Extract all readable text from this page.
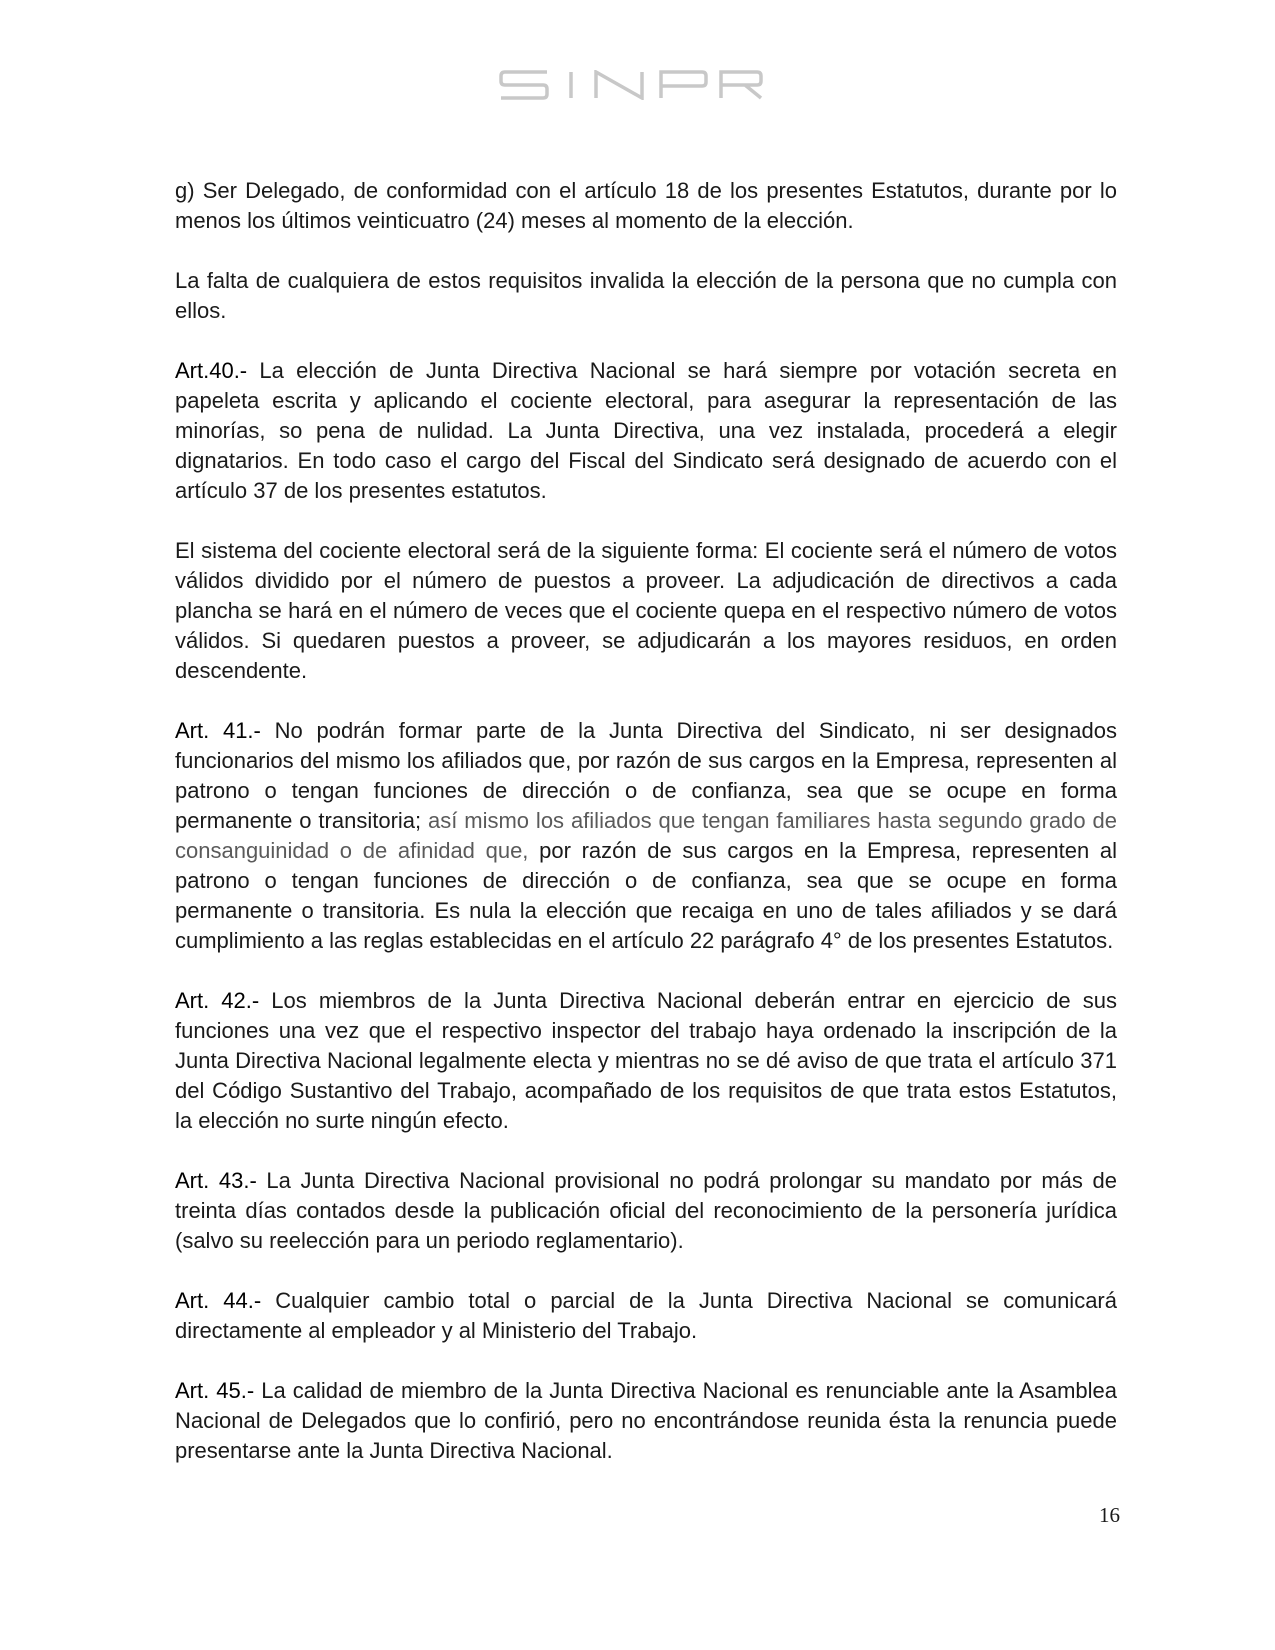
g) Ser Delegado, de conformidad con el artículo 18 de los presentes Estatutos, durante por lo menos los últimos veinticuatro (24) meses al momento de la elección.

La falta de cualquiera de estos requisitos invalida la elección de la persona que no cumpla con ellos.

Art.40.- La elección de Junta Directiva Nacional se hará siempre por votación secreta en papeleta escrita y aplicando el cociente electoral, para asegurar la representación de las minorías, so pena de nulidad. La Junta Directiva, una vez instalada, procederá a elegir dignatarios. En todo caso el cargo del Fiscal del Sindicato será designado de acuerdo con el artículo 37 de los presentes estatutos.

El sistema del cociente electoral será de la siguiente forma: El cociente será el número de votos válidos dividido por el número de puestos a proveer. La adjudicación de directivos a cada plancha se hará en el número de veces que el cociente quepa en el respectivo número de votos válidos. Si quedaren puestos a proveer, se adjudicarán a los mayores residuos, en orden descendente.

Art. 41.- No podrán formar parte de la Junta Directiva del Sindicato, ni ser designados funcionarios del mismo los afiliados que, por razón de sus cargos en la Empresa, representen al patrono o tengan funciones de dirección o de confianza, sea que se ocupe en forma permanente o transitoria; así mismo los afiliados que tengan familiares hasta segundo grado de consanguinidad o de afinidad que, por razón de sus cargos en la Empresa, representen al patrono o tengan funciones de dirección o de confianza, sea que se ocupe en forma permanente o transitoria. Es nula la elección que recaiga en uno de tales afiliados y se dará cumplimiento a las reglas establecidas en el artículo 22 parágrafo 4° de los presentes Estatutos.

Art. 42.- Los miembros de la Junta Directiva Nacional deberán entrar en ejercicio de sus funciones una vez que el respectivo inspector del trabajo haya ordenado la inscripción de la Junta Directiva Nacional legalmente electa y mientras no se dé aviso de que trata el artículo 371 del Código Sustantivo del Trabajo, acompañado de los requisitos de que trata estos Estatutos, la elección no surte ningún efecto.

Art. 43.- La Junta Directiva Nacional provisional no podrá prolongar su mandato por más de treinta días contados desde la publicación oficial del reconocimiento de la personería jurídica (salvo su reelección para un periodo reglamentario).

Art. 44.- Cualquier cambio total o parcial de la Junta Directiva Nacional se comunicará directamente al empleador y al Ministerio del Trabajo.

Art. 45.- La calidad de miembro de la Junta Directiva Nacional es renunciable ante la Asamblea Nacional de Delegados que lo confirió, pero no encontrándose reunida ésta la renuncia puede presentarse ante la Junta Directiva Nacional.

16
